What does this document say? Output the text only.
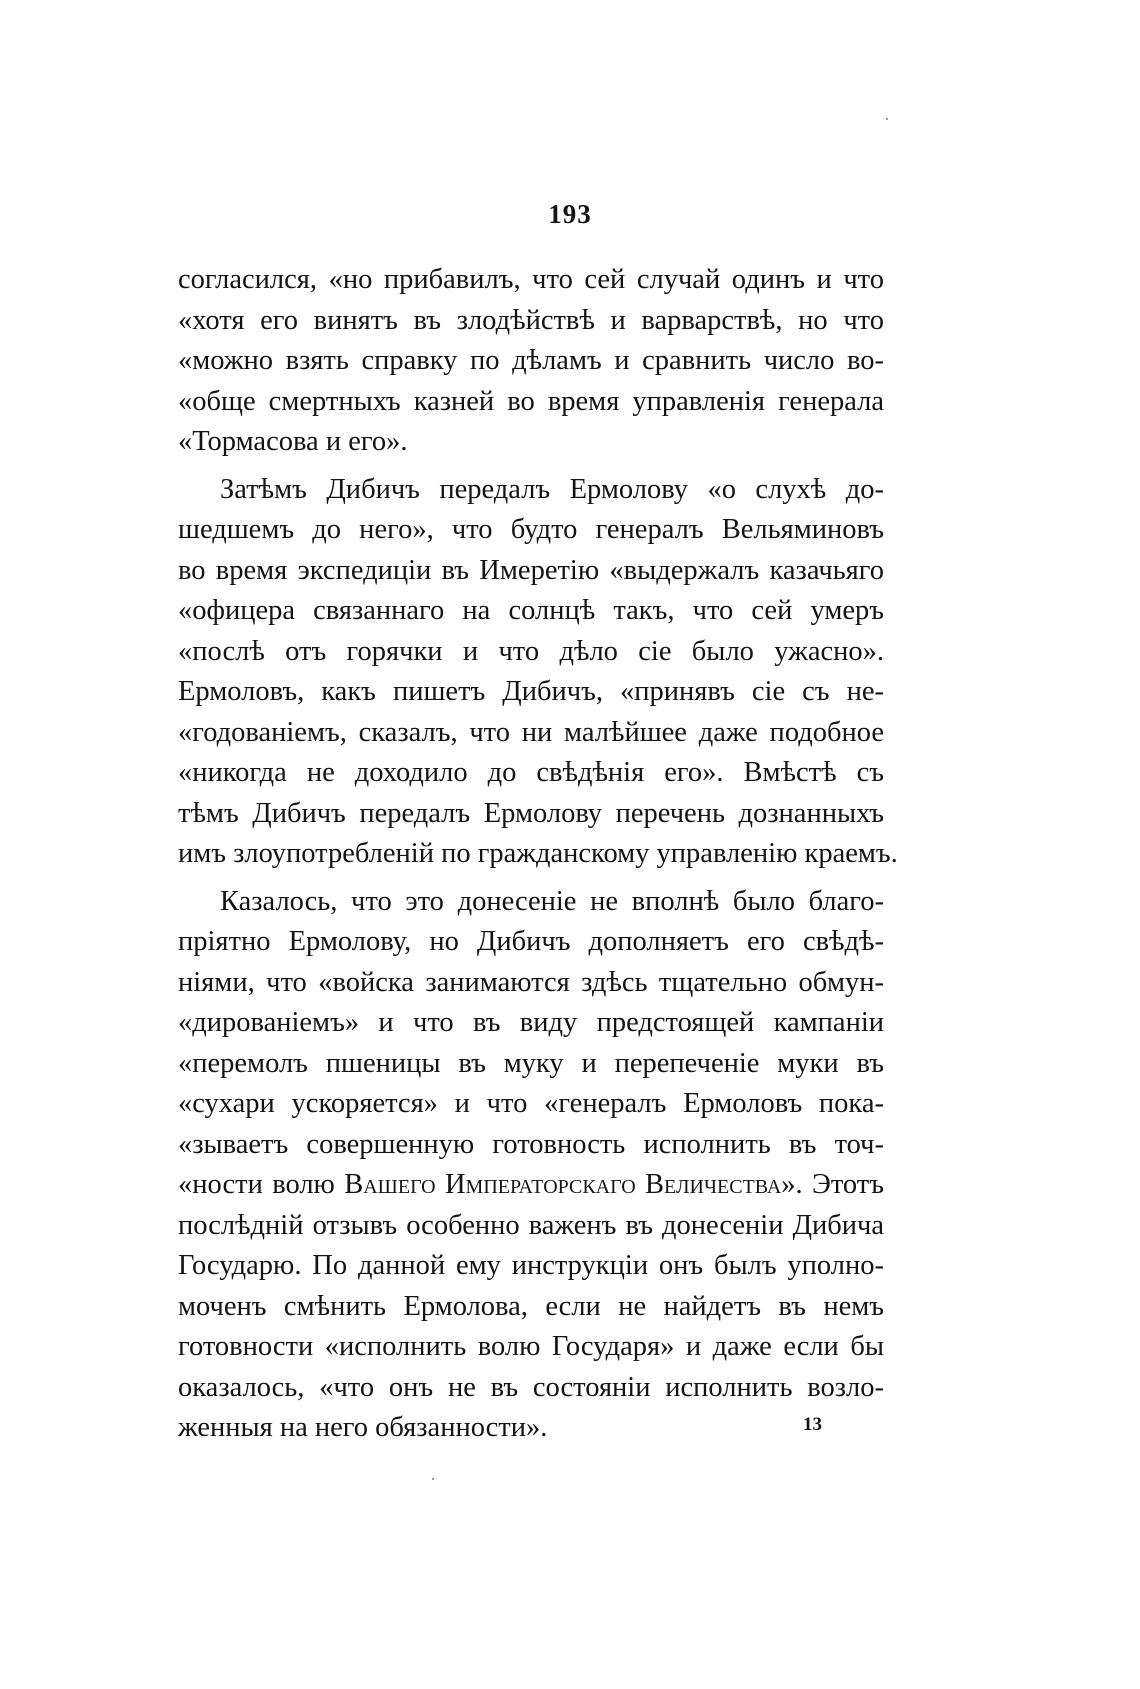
193
согласился, «но прибавилъ, что сей случай одинъ и что
«хотя его винятъ въ злодѣйствѣ и варварствѣ, но что
«можно взять справку по дѣламъ и сравнить число во-
«обще смертныхъ казней во время управленія генерала
«Тормасова и его».
Затѣмъ Дибичъ передалъ Ермолову «о слухѣ до-
шедшемъ до него», что будто генералъ Вельяминовъ
во время экспедиціи въ Имеретію «выдержалъ казачьяго
«офицера связаннаго на солнцѣ такъ, что сей умеръ
«послѣ отъ горячки и что дѣло сіе было ужасно».
Ермоловъ, какъ пишетъ Дибичъ, «принявъ сіе съ не-
«годованіемъ, сказалъ, что ни малѣйшее даже подобное
«никогда не доходило до свѣдѣнія его». Вмѣстѣ съ
тѣмъ Дибичъ передалъ Ермолову перечень дознанныхъ
имъ злоупотребленій по гражданскому управленію краемъ.
Казалось, что это донесеніе не вполнѣ было благо-
пріятно Ермолову, но Дибичъ дополняетъ его свѣдѣ-
ніями, что «войска занимаются здѣсь тщательно обмун-
«дированіемъ» и что въ виду предстоящей кампаніи
«перемолъ пшеницы въ муку и перепеченіе муки въ
«сухари ускоряется» и что «генералъ Ермоловъ пока-
«зываетъ совершенную готовность исполнить въ точ-
«ности волю Вашего Императорскаго Величества». Этотъ
послѣдній отзывъ особенно важенъ въ донесеніи Дибича
Государю. По данной ему инструкціи онъ былъ уполно-
моченъ смѣнить Ермолова, если не найдетъ въ немъ
готовности «исполнить волю Государя» и даже если бы
оказалось, «что онъ не въ состояніи исполнить возло-
женныя на него обязанности».	13
